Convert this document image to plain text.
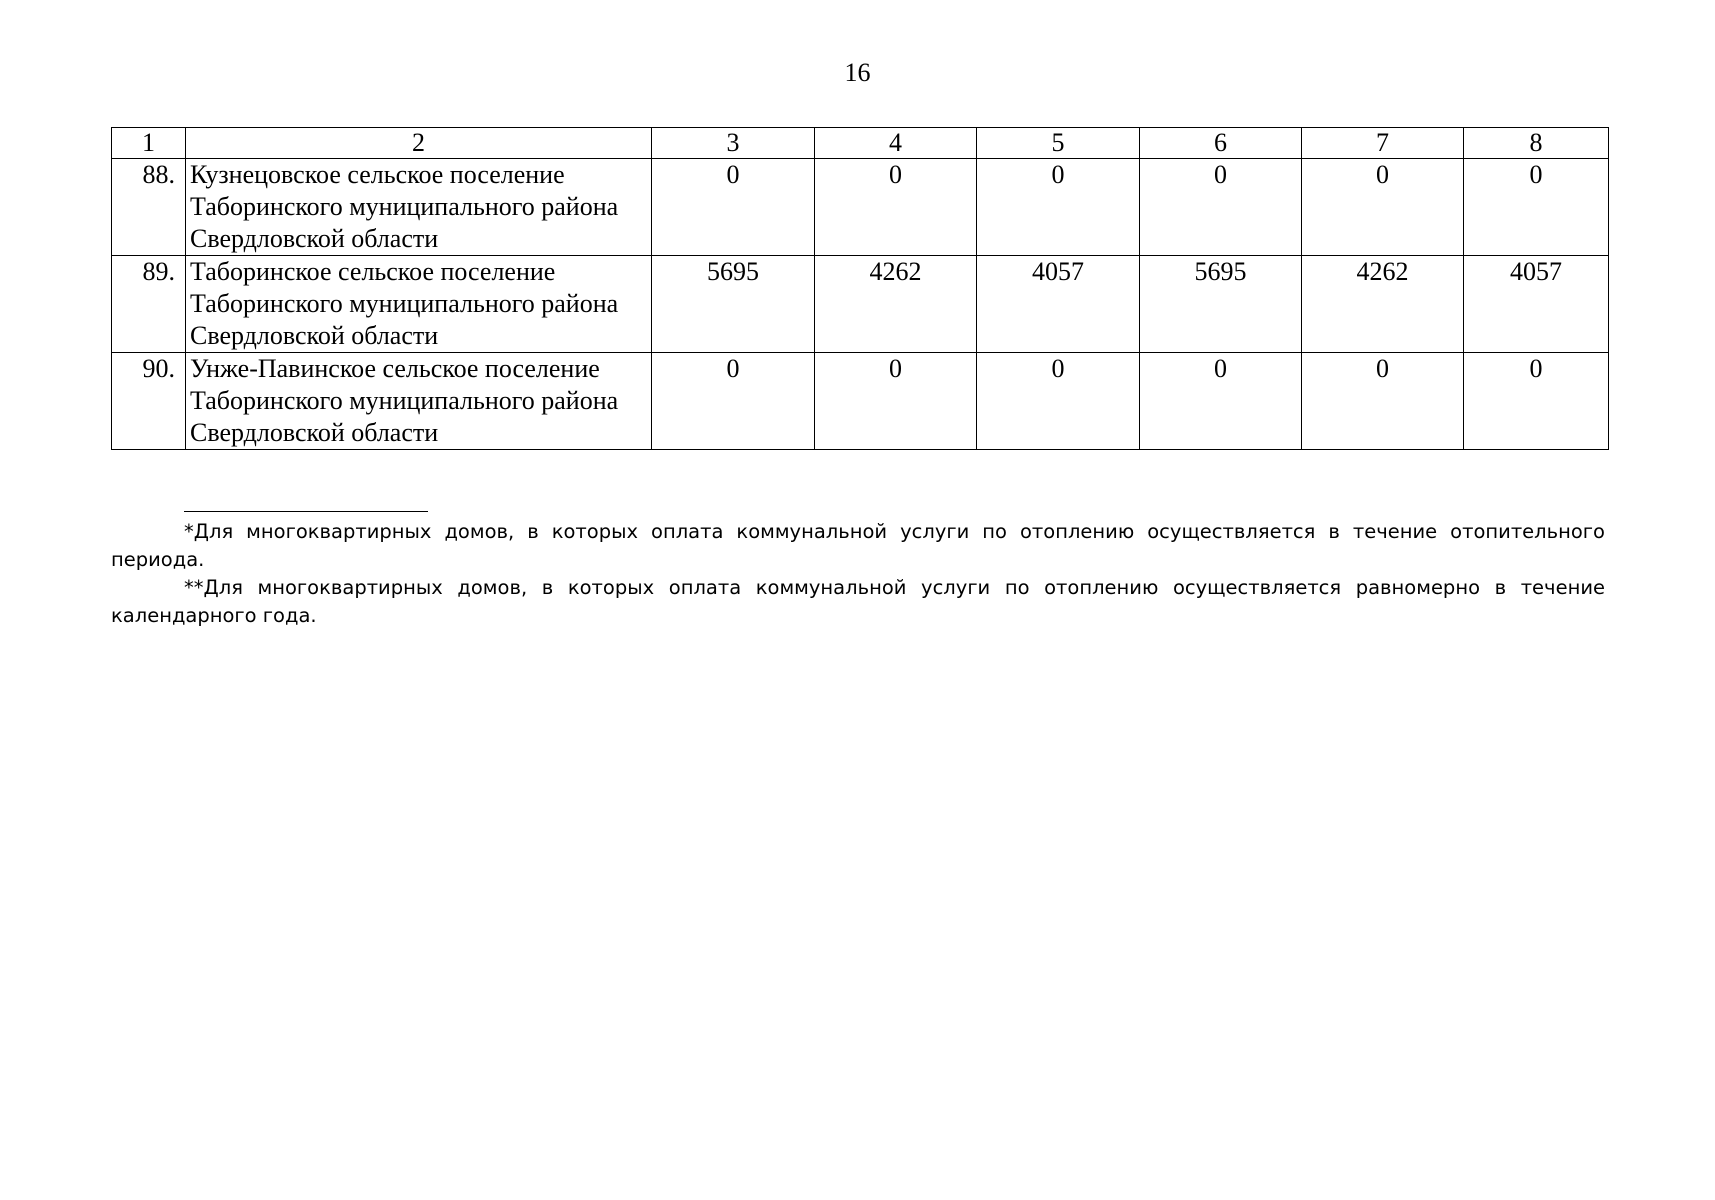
16
1	2	3	4	5	6	7	8
88.	Кузнецовское сельское поселение Таборинского муниципального района Свердловской области	0	0	0	0	0	0
89.	Таборинское сельское поселение Таборинского муниципального района Свердловской области	5695	4262	4057	5695	4262	4057
90.	Унже-Павинское сельское поселение Таборинского муниципального района Свердловской области	0	0	0	0	0	0

*Для многоквартирных домов, в которых оплата коммунальной услуги по отоплению осуществляется в течение отопительного периода.

**Для многоквартирных домов, в которых оплата коммунальной услуги по отоплению осуществляется равномерно в течение календарного года.
